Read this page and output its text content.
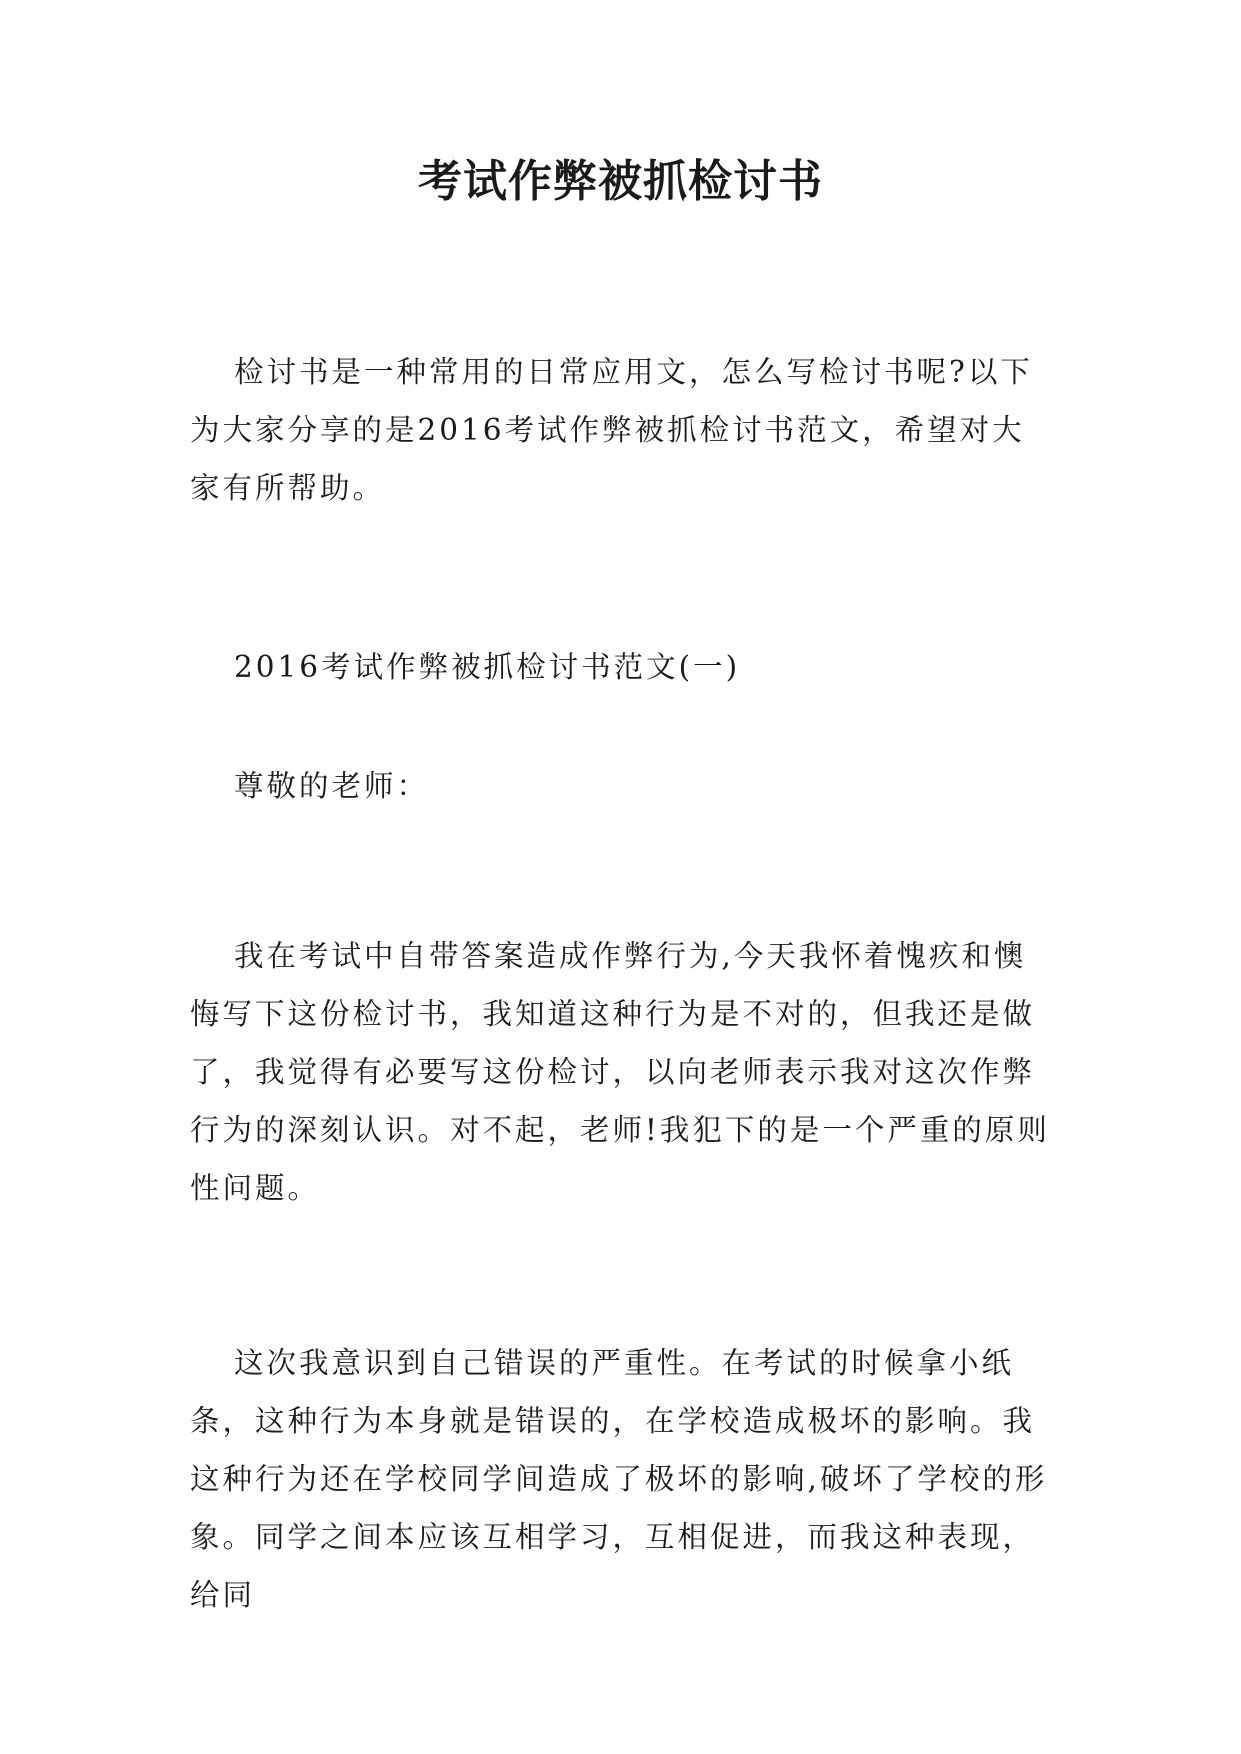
考试作弊被抓检讨书

检讨书是一种常用的日常应用文，怎么写检讨书呢?以下为大家分享的是2016考试作弊被抓检讨书范文，希望对大家有所帮助。

2016考试作弊被抓检讨书范文(一)

尊敬的老师：

我在考试中自带答案造成作弊行为,今天我怀着愧疚和懊悔写下这份检讨书，我知道这种行为是不对的，但我还是做了，我觉得有必要写这份检讨，以向老师表示我对这次作弊行为的深刻认识。对不起，老师!我犯下的是一个严重的原则性问题。

这次我意识到自己错误的严重性。在考试的时候拿小纸条，这种行为本身就是错误的，在学校造成极坏的影响。我这种行为还在学校同学间造成了极坏的影响,破坏了学校的形象。同学之间本应该互相学习，互相促进，而我这种表现，给同
